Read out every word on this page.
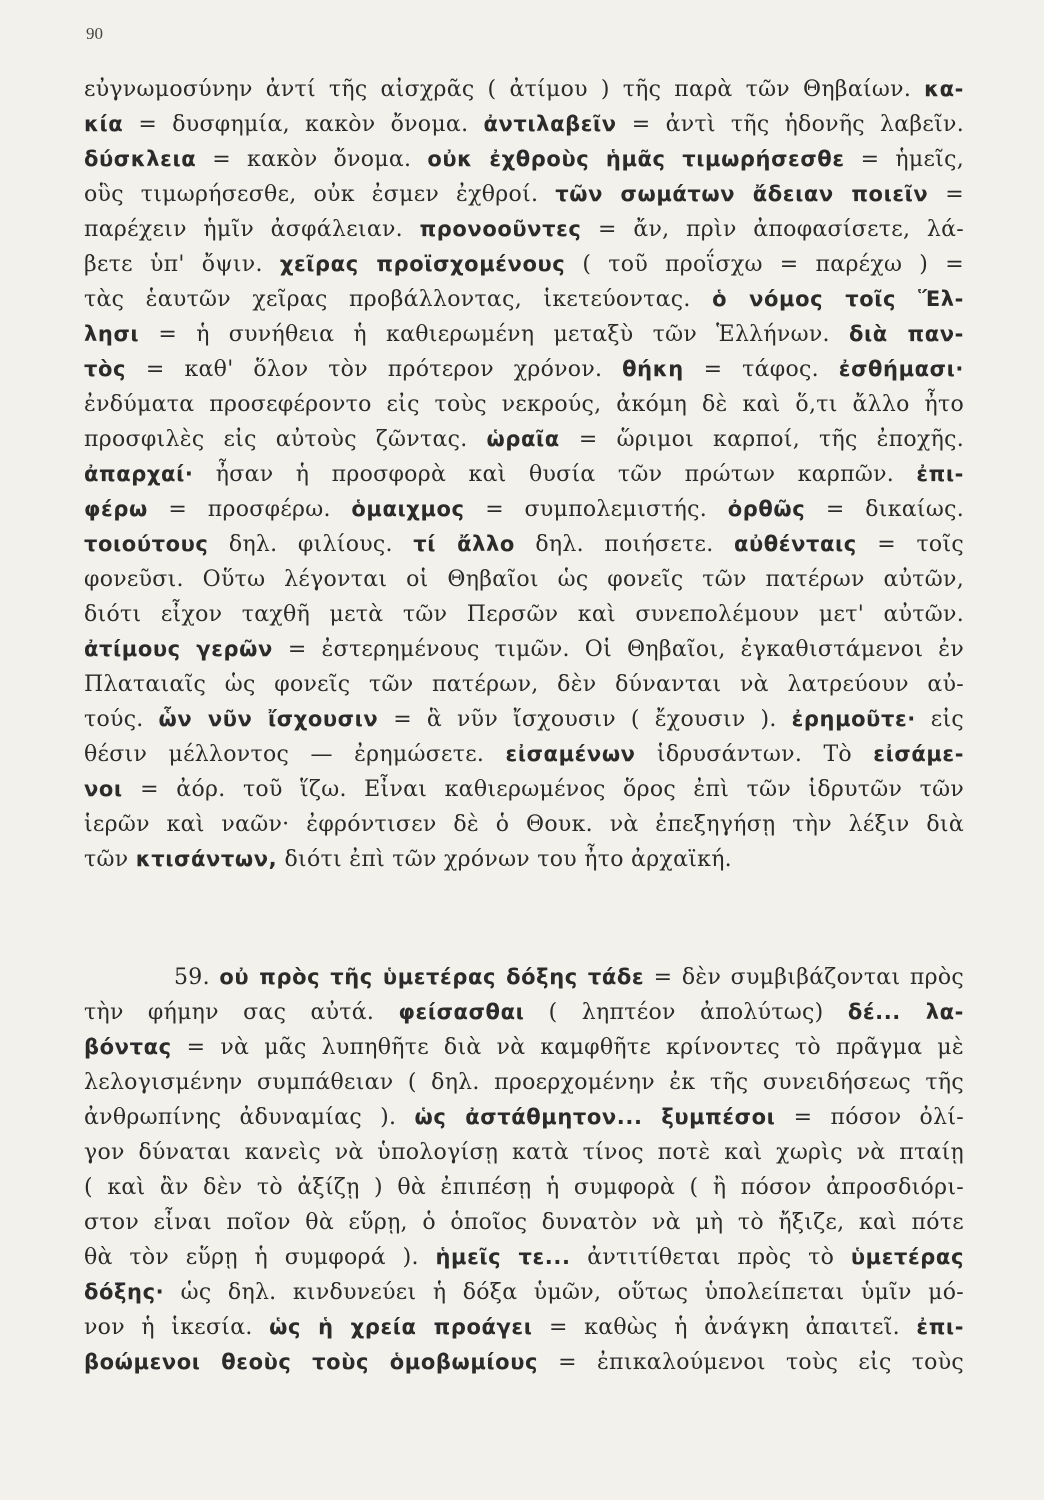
90
εὐγνωμοσύνην ἀντί τῆς αἰσχρᾶς ( ἀτίμου ) τῆς παρὰ τῶν Θηβαίων. κα-
κία = δυσφημία, κακὸν ὄνομα. ἀντιλαβεῖν = ἀντὶ τῆς ἡδονῆς λαβεῖν.
δύσκλεια = κακὸν ὄνομα. οὐκ ἐχθροὺς ἡμᾶς τιμωρήσεσθε = ἡμεῖς,
οὓς τιμωρήσεσθε, οὐκ ἐσμεν ἐχθροί. τῶν σωμάτων ἄδειαν ποιεῖν =
παρέχειν ἡμῖν ἀσφάλειαν. προνοοῦντες = ἄν, πρὶν ἀποφασίσετε, λά-
βετε ὑπ' ὄψιν. χεῖρας προϊσχομένους ( τοῦ προΐσχω = παρέχω ) =
τὰς ἑαυτῶν χεῖρας προβάλλοντας, ἱκετεύοντας. ὁ νόμος τοῖς Ἕλ-
λησι = ἡ συνήθεια ἡ καθιερωμένη μεταξὺ τῶν Ἑλλήνων. διὰ παν-
τὸς = καθ' ὅλον τὸν πρότερον χρόνον. θήκη = τάφος. ἐσθήμασι·
ἐνδύματα προσεφέροντο εἰς τοὺς νεκρούς, ἀκόμη δὲ καὶ ὅ,τι ἄλλο ἦτο
προσφιλὲς εἰς αὐτοὺς ζῶντας. ὡραῖα = ὥριμοι καρποί, τῆς ἐποχῆς.
ἀπαρχαί· ἦσαν ἡ προσφορὰ καὶ θυσία τῶν πρώτων καρπῶν. ἐπι-
φέρω = προσφέρω. ὁμαιχμος = συμπολεμιστής. ὀρθῶς = δικαίως.
τοιούτους δηλ. φιλίους. τί ἄλλο δηλ. ποιήσετε. αὐθένταις = τοῖς
φονεῦσι. Οὕτω λέγονται οἱ Θηβαῖοι ὡς φονεῖς τῶν πατέρων αὐτῶν,
διότι εἶχον ταχθῆ μετὰ τῶν Περσῶν καὶ συνεπολέμουν μετ' αὐτῶν.
ἀτίμους γερῶν = ἐστερημένους τιμῶν. Οἱ Θηβαῖοι, ἐγκαθιστάμενοι ἐν
Πλαταιαῖς ὡς φονεῖς τῶν πατέρων, δὲν δύνανται νὰ λατρεύουν αὐ-
τούς. ὧν νῦν ἴσχουσιν = ἃ νῦν ἴσχουσιν ( ἔχουσιν ). ἐρημοῦτε· εἰς
θέσιν μέλλοντος — ἐρημώσετε. εἰσαμένων ἱδρυσάντων. Τὸ εἰσάμε-
νοι = ἀόρ. τοῦ ἵζω. Εἶναι καθιερωμένος ὅρος ἐπὶ τῶν ἱδρυτῶν τῶν
ἱερῶν καὶ ναῶν· ἐφρόντισεν δὲ ὁ Θουκ. νὰ ἐπεξηγήσῃ τὴν λέξιν διὰ
τῶν κτισάντων, διότι ἐπὶ τῶν χρόνων του ἦτο ἀρχαϊκή.
59. οὐ πρὸς τῆς ὑμετέρας δόξης τάδε = δὲν συμβιβάζονται πρὸς
τὴν φήμην σας αὐτά. φείσασθαι ( ληπτέον ἀπολύτως) δέ... λα-
βόντας = νὰ μᾶς λυπηθῆτε διὰ νὰ καμφθῆτε κρίνοντες τὸ πρᾶγμα μὲ
λελογισμένην συμπάθειαν ( δηλ. προερχομένην ἐκ τῆς συνειδήσεως τῆς
ἀνθρωπίνης ἀδυναμίας ). ὡς ἀστάθμητον... ξυμπέσοι = πόσον ὀλί-
γον δύναται κανεὶς νὰ ὑπολογίσῃ κατὰ τίνος ποτὲ καὶ χωρὶς νὰ πταίῃ
( καὶ ἂν δὲν τὸ ἀξίζῃ ) θὰ ἐπιπέσῃ ἡ συμφορὰ ( ἢ πόσον ἀπροσδιόρι-
στον εἶναι ποῖον θὰ εὕρῃ, ὁ ὁποῖος δυνατὸν νὰ μὴ τὸ ἤξιζε, καὶ πότε
θὰ τὸν εὕρῃ ἡ συμφορά ). ἡμεῖς τε... ἀντιτίθεται πρὸς τὸ ὑμετέρας
δόξης· ὡς δηλ. κινδυνεύει ἡ δόξα ὑμῶν, οὕτως ὑπολείπεται ὑμῖν μό-
νον ἡ ἱκεσία. ὡς ἡ χρεία προάγει = καθὼς ἡ ἀνάγκη ἀπαιτεῖ. ἐπι-
βοώμενοι θεοὺς τοὺς ὁμοβωμίους = ἐπικαλούμενοι τοὺς εἰς τοὺς
